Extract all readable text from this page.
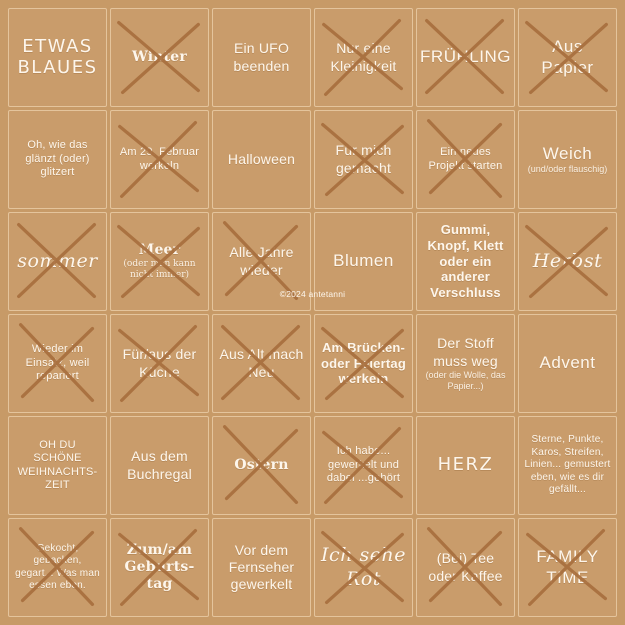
ETWAS BLAUES Winter
Ein UFO beenden
Nur eine Kleinigkeit	FRÜHLING
Aus Papier
Oh, wie das glänzt (oder) glitzert
Am 29. Februar werkeln	Halloween
Für mich gemacht
Ein neues Projekt starten
Weich
(und/oder flauschig)
sommer	Meer
(oder man kann nicht immer)
Alle Jahre wieder	Blumen
Gummi, Knopf, Klett oder ein anderer Verschluss
Herbst
Wieder im Einsatz, weil repariert
Für/aus der Küche
Aus Alt mach Neu
Am Brücken- oder Feiertag werkeln
Der Stoff muss weg
(oder die Wolle, das Papier...)
Advent
OH DU SCHÖNE WEIHNACHTS- ZEIT
Aus dem Buchregal
Ostern
Ich habe... gewerkelt und dabei ...gehört
HERZ
Sterne, Punkte, Karos, Streifen, Linien... gemustert eben, wie es dir gefällt...
Gekocht, gebacken, gegart... Was man essen eben.
Zum/am Geburts- tag
Vor dem Fernseher gewerkelt
Ich sehe Rot
(Bei) Tee oder Kaffee
FAMILY TIME
©2024 antetanni
